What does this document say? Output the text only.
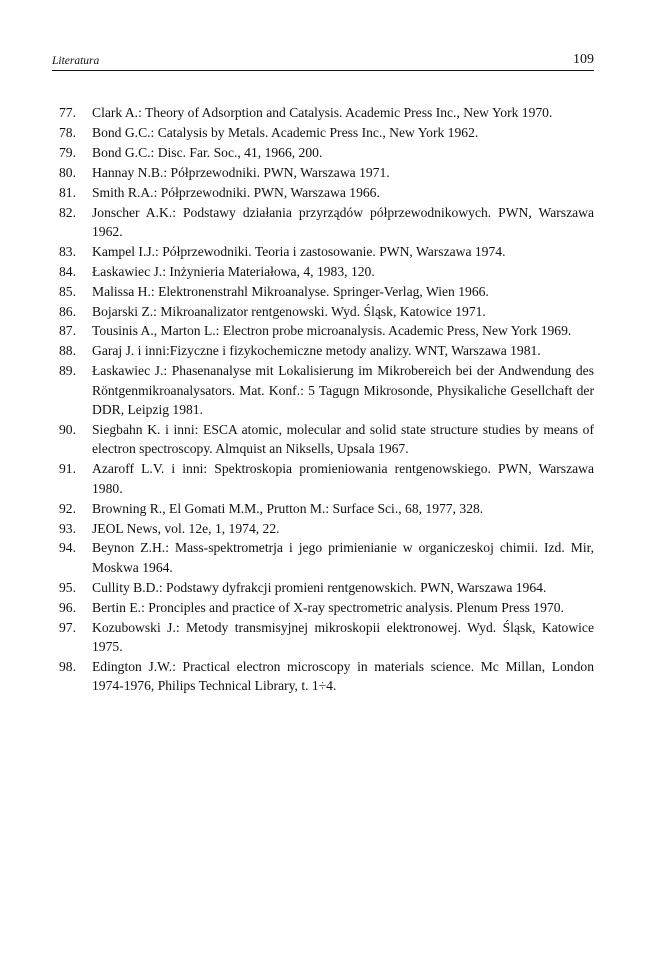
Literatura	109
77. Clark A.: Theory of Adsorption and Catalysis. Academic Press Inc., New York 1970.
78. Bond G.C.: Catalysis by Metals. Academic Press Inc., New York 1962.
79. Bond G.C.: Disc. Far. Soc., 41, 1966, 200.
80. Hannay N.B.: Półprzewodniki. PWN, Warszawa 1971.
81. Smith R.A.: Półprzewodniki. PWN, Warszawa 1966.
82. Jonscher A.K.: Podstawy działania przyrządów półprzewodnikowych. PWN, Warszawa 1962.
83. Kampel I.J.: Półprzewodniki. Teoria i zastosowanie. PWN, Warszawa 1974.
84. Łaskawiec J.: Inżynieria Materiałowa, 4, 1983, 120.
85. Malissa H.: Elektronenstrahl Mikroanalyse. Springer-Verlag, Wien 1966.
86. Bojarski Z.: Mikroanalizator rentgenowski. Wyd. Śląsk, Katowice 1971.
87. Tousinis A., Marton L.: Electron probe microanalysis. Academic Press, New York 1969.
88. Garaj J. i inni:Fizyczne i fizykochemiczne metody analizy. WNT, Warszawa 1981.
89. Łaskawiec J.: Phasenanalyse mit Lokalisierung im Mikrobereich bei der Andwendung des Röntgenmikroanalysators. Mat. Konf.: 5 Tagugn Mikrosonde, Physikaliche Gesellchaft der DDR, Leipzig 1981.
90. Siegbahn K. i inni: ESCA atomic, molecular and solid state structure studies by means of electron spectroscopy. Almquist an Niksells, Upsala 1967.
91. Azaroff L.V. i inni: Spektroskopia promieniowania rentgenowskiego. PWN, Warszawa 1980.
92. Browning R., El Gomati M.M., Prutton M.: Surface Sci., 68, 1977, 328.
93. JEOL News, vol. 12e, 1, 1974, 22.
94. Beynon Z.H.: Mass-spektrometrja i jego primienianie w organiczeskoj chimii. Izd. Mir, Moskwa 1964.
95. Cullity B.D.: Podstawy dyfrakcji promieni rentgenowskich. PWN, Warszawa 1964.
96. Bertin E.: Pronciples and practice of X-ray spectrometric analysis. Plenum Press 1970.
97. Kozubowski J.: Metody transmisyjnej mikroskopii elektronowej. Wyd. Śląsk, Katowice 1975.
98. Edington J.W.: Practical electron microscopy in materials science. Mc Millan, London 1974-1976, Philips Technical Library, t. 1÷4.
